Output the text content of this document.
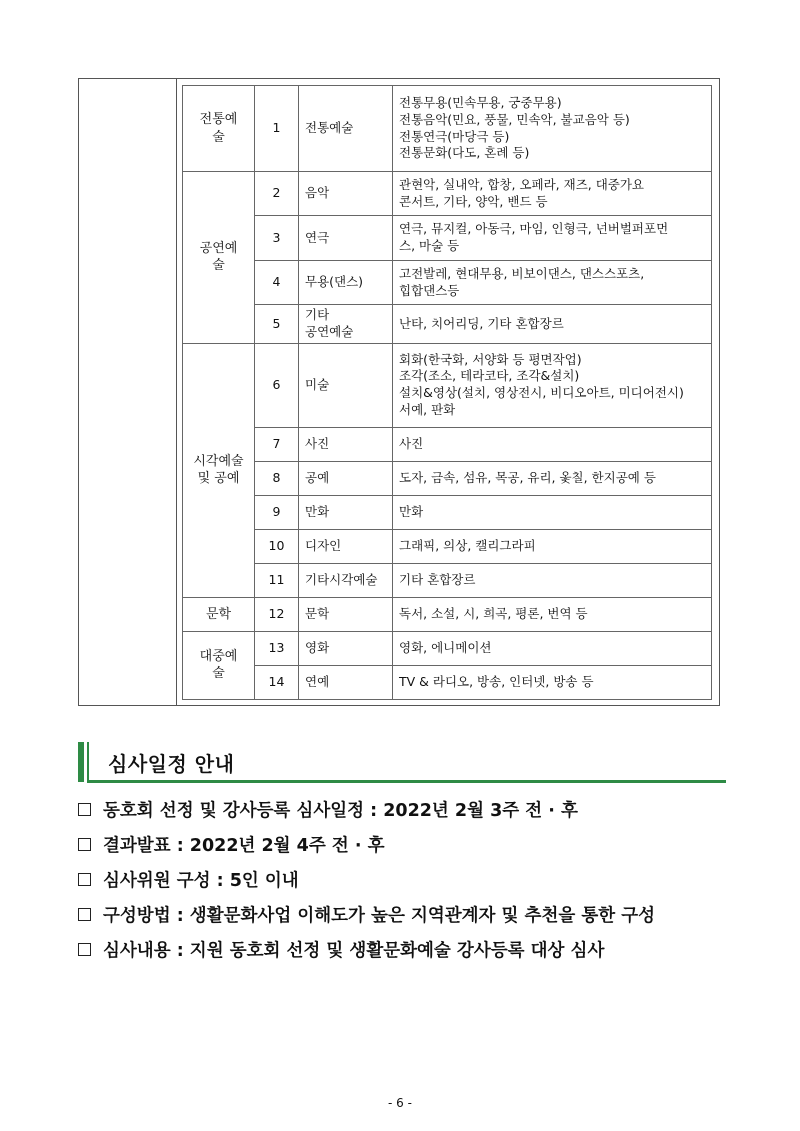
전통예
술	1	전통예술	전통무용(민속무용, 궁중무용)
전통음악(민요, 풍물, 민속악, 불교음악 등)
전통연극(마당극 등)
전통문화(다도, 혼례 등)

공연예
술	2	음악	관현악, 실내악, 합창, 오페라, 재즈, 대중가요
콘서트, 기타, 양악, 밴드 등

	3	연극	연극, 뮤지컬, 아동극, 마임, 인형극, 넌버벌퍼포먼
스, 마술 등

	4	무용(댄스)	고전발레, 현대무용, 비보이댄스, 댄스스포츠,
힙합댄스등

	5	기타
공연예술	난타, 치어리딩, 기타 혼합장르

시각예술
및 공예	6	미술	회화(한국화, 서양화 등 평면작업)
조각(조소, 테라코타, 조각&설치)
설치&영상(설치, 영상전시, 비디오아트, 미디어전시)
서예, 판화

	7	사진	사진

	8	공예	도자, 금속, 섬유, 목공, 유리, 옻칠, 한지공예 등

	9	만화	만화

	10	디자인	그래픽, 의상, 캘리그라피

	11	기타시각예술	기타 혼합장르

문학	12	문학	독서, 소설, 시, 희곡, 평론, 번역 등

대중예
술	13	영화	영화, 에니메이션

	14	연예	TV & 라디오, 방송, 인터넷, 방송 등
심사일정 안내
동호회 선정 및 강사등록 심사일정 : 2022년 2월 3주 전 · 후
결과발표 : 2022년 2월 4주 전 · 후
심사위원 구성 : 5인 이내
구성방법 : 생활문화사업 이해도가 높은 지역관계자 및 추천을 통한 구성
심사내용 : 지원 동호회 선정 및 생활문화예술 강사등록 대상 심사
- 6 -
